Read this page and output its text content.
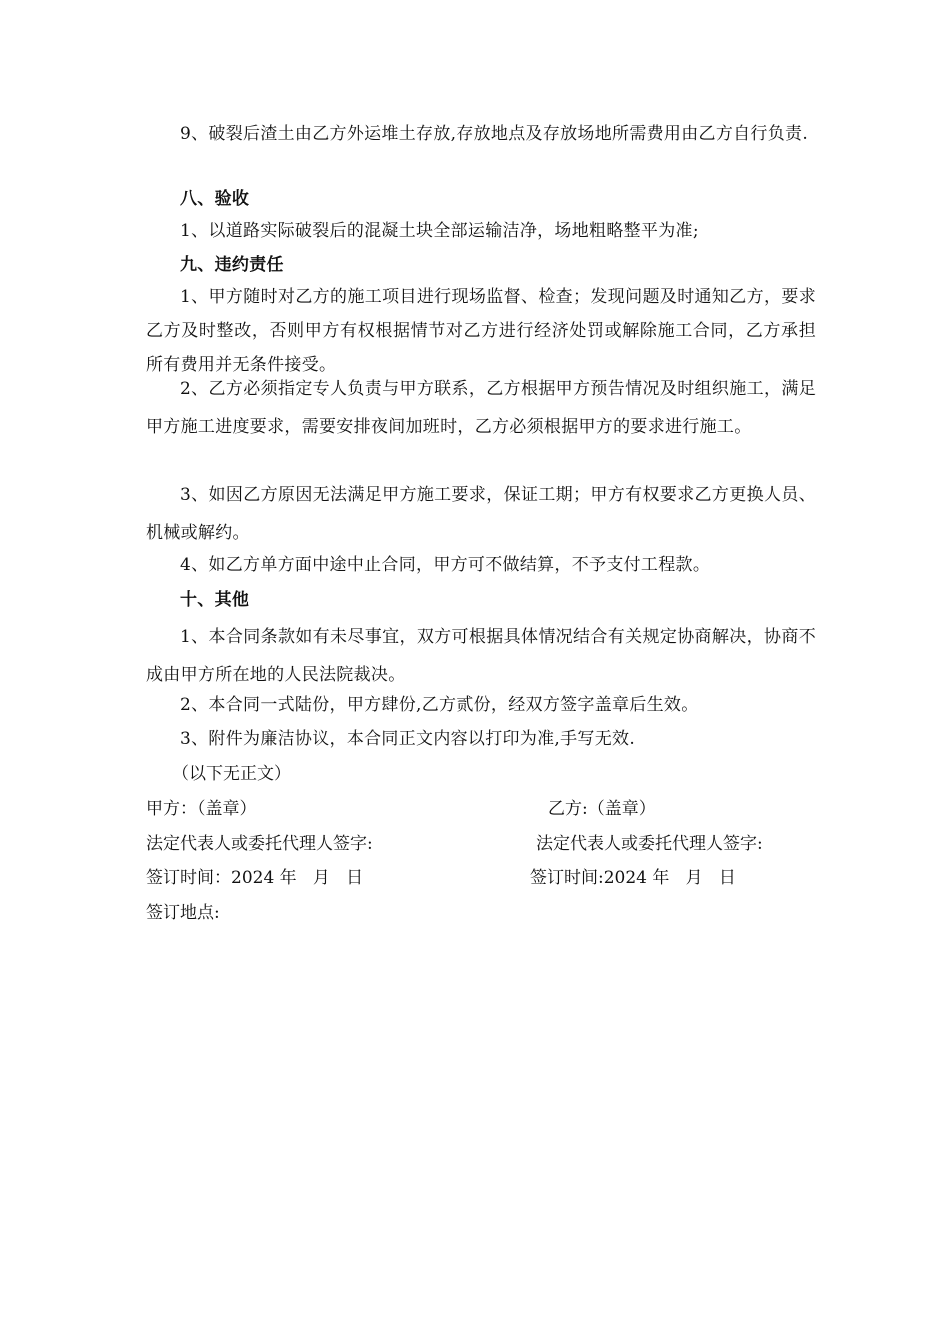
9、破裂后渣土由乙方外运堆土存放,存放地点及存放场地所需费用由乙方自行负责.

八、验收

1、以道路实际破裂后的混凝土块全部运输洁净，场地粗略整平为准;

九、违约责任

1、甲方随时对乙方的施工项目进行现场监督、检查；发现问题及时通知乙方，要求乙方及时整改，否则甲方有权根据情节对乙方进行经济处罚或解除施工合同，乙方承担所有费用并无条件接受。

2、乙方必须指定专人负责与甲方联系，乙方根据甲方预告情况及时组织施工，满足甲方施工进度要求，需要安排夜间加班时，乙方必须根据甲方的要求进行施工。

3、如因乙方原因无法满足甲方施工要求，保证工期；甲方有权要求乙方更换人员、机械或解约。

4、如乙方单方面中途中止合同，甲方可不做结算，不予支付工程款。

十、其他

1、本合同条款如有未尽事宜，双方可根据具体情况结合有关规定协商解决，协商不成由甲方所在地的人民法院裁决。

2、本合同一式陆份，甲方肆份,乙方贰份，经双方签字盖章后生效。

3、附件为廉洁协议，本合同正文内容以打印为准,手写无效.

（以下无正文）
甲方：（盖章）	乙方:（盖章）
法定代表人或委托代理人签字:	法定代表人或委托代理人签字:
签订时间：2024 年   月   日	签订时间:2024 年   月   日
签订地点:
